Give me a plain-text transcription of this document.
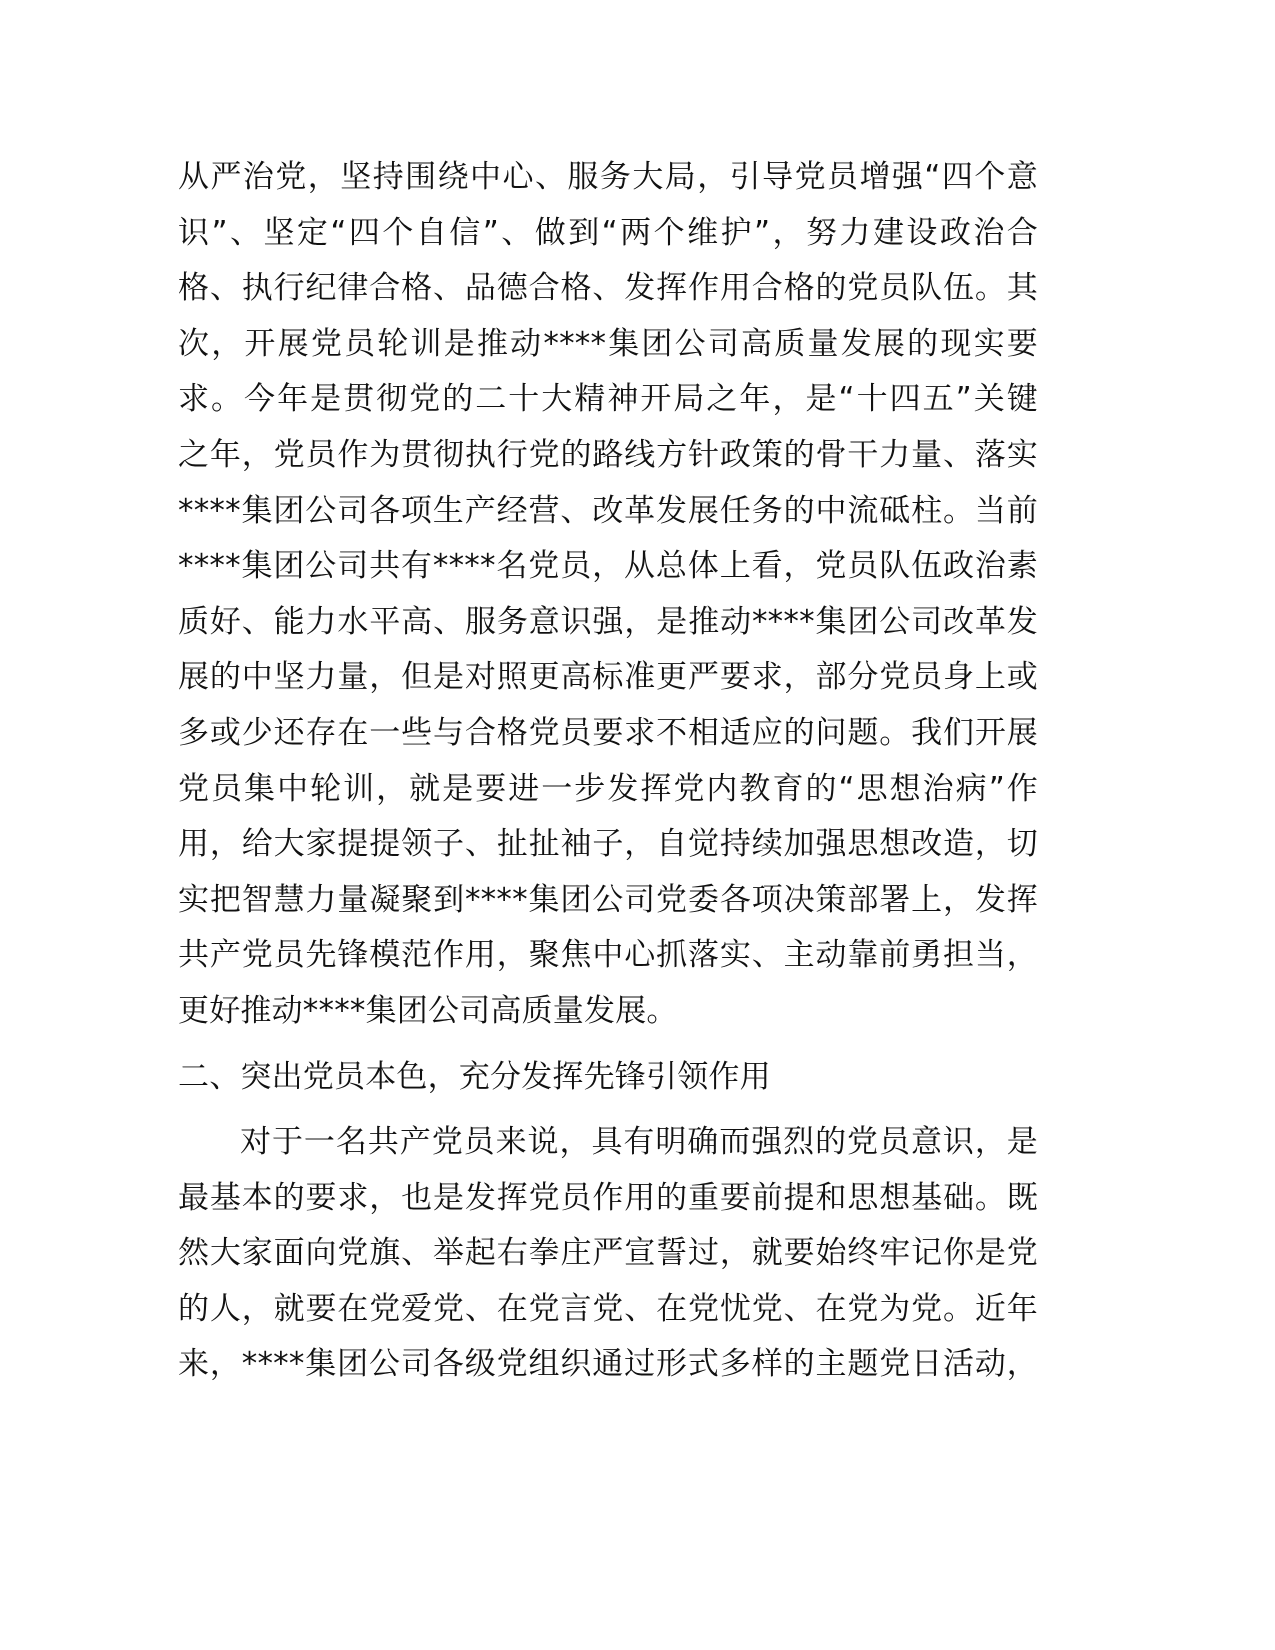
从严治党，坚持围绕中心、服务大局，引导党员增强“四个意
识”、坚定“四个自信”、做到“两个维护”，努力建设政治合
格、执行纪律合格、品德合格、发挥作用合格的党员队伍。其
次，开展党员轮训是推动****集团公司高质量发展的现实要
求。今年是贯彻党的二十大精神开局之年，是“十四五”关键
之年，党员作为贯彻执行党的路线方针政策的骨干力量、落实
****集团公司各项生产经营、改革发展任务的中流砥柱。当前
****集团公司共有****名党员，从总体上看，党员队伍政治素
质好、能力水平高、服务意识强，是推动****集团公司改革发
展的中坚力量，但是对照更高标准更严要求，部分党员身上或
多或少还存在一些与合格党员要求不相适应的问题。我们开展
党员集中轮训，就是要进一步发挥党内教育的“思想治病”作
用，给大家提提领子、扯扯袖子，自觉持续加强思想改造，切
实把智慧力量凝聚到****集团公司党委各项决策部署上，发挥
共产党员先锋模范作用，聚焦中心抓落实、主动靠前勇担当，
更好推动****集团公司高质量发展。

二、突出党员本色，充分发挥先锋引领作用

对于一名共产党员来说，具有明确而强烈的党员意识，是
最基本的要求，也是发挥党员作用的重要前提和思想基础。既
然大家面向党旗、举起右拳庄严宣誓过，就要始终牢记你是党
的人，就要在党爱党、在党言党、在党忧党、在党为党。近年
来，****集团公司各级党组织通过形式多样的主题党日活动，
